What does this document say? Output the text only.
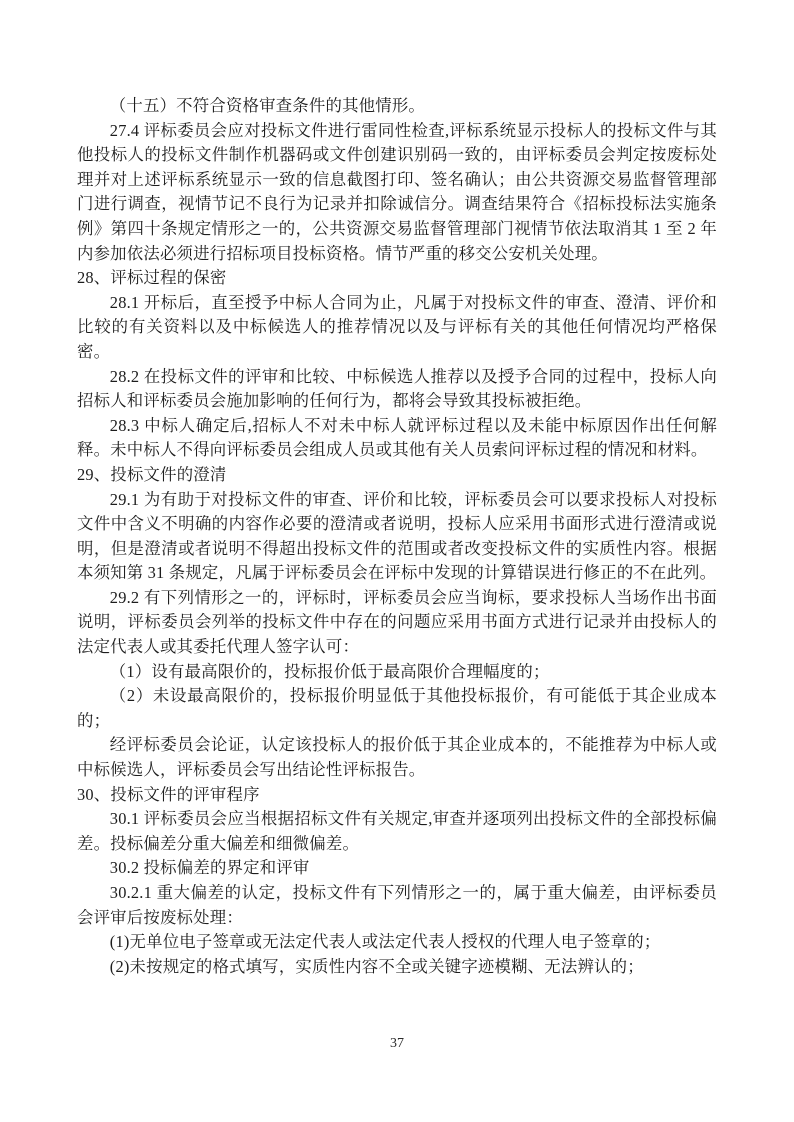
（十五）不符合资格审查条件的其他情形。

27.4 评标委员会应对投标文件进行雷同性检查,评标系统显示投标人的投标文件与其他投标人的投标文件制作机器码或文件创建识别码一致的，由评标委员会判定按废标处理并对上述评标系统显示一致的信息截图打印、签名确认；由公共资源交易监督管理部门进行调查，视情节记不良行为记录并扣除诚信分。调查结果符合《招标投标法实施条例》第四十条规定情形之一的，公共资源交易监督管理部门视情节依法取消其 1 至 2 年内参加依法必须进行招标项目投标资格。情节严重的移交公安机关处理。

28、评标过程的保密

28.1 开标后，直至授予中标人合同为止，凡属于对投标文件的审查、澄清、评价和比较的有关资料以及中标候选人的推荐情况以及与评标有关的其他任何情况均严格保密。

28.2 在投标文件的评审和比较、中标候选人推荐以及授予合同的过程中，投标人向招标人和评标委员会施加影响的任何行为，都将会导致其投标被拒绝。

28.3 中标人确定后,招标人不对未中标人就评标过程以及未能中标原因作出任何解释。未中标人不得向评标委员会组成人员或其他有关人员索问评标过程的情况和材料。

29、投标文件的澄清

29.1 为有助于对投标文件的审查、评价和比较，评标委员会可以要求投标人对投标文件中含义不明确的内容作必要的澄清或者说明，投标人应采用书面形式进行澄清或说明，但是澄清或者说明不得超出投标文件的范围或者改变投标文件的实质性内容。根据本须知第 31 条规定，凡属于评标委员会在评标中发现的计算错误进行修正的不在此列。

29.2 有下列情形之一的，评标时，评标委员会应当询标，要求投标人当场作出书面说明，评标委员会列举的投标文件中存在的问题应采用书面方式进行记录并由投标人的法定代表人或其委托代理人签字认可：

（1）设有最高限价的，投标报价低于最高限价合理幅度的；

（2）未设最高限价的，投标报价明显低于其他投标报价，有可能低于其企业成本的；

经评标委员会论证，认定该投标人的报价低于其企业成本的，不能推荐为中标人或中标候选人，评标委员会写出结论性评标报告。

30、投标文件的评审程序

30.1 评标委员会应当根据招标文件有关规定,审查并逐项列出投标文件的全部投标偏差。投标偏差分重大偏差和细微偏差。

30.2 投标偏差的界定和评审

30.2.1 重大偏差的认定，投标文件有下列情形之一的，属于重大偏差，由评标委员会评审后按废标处理：

(1)无单位电子签章或无法定代表人或法定代表人授权的代理人电子签章的；

(2)未按规定的格式填写，实质性内容不全或关键字迹模糊、无法辨认的；

37
